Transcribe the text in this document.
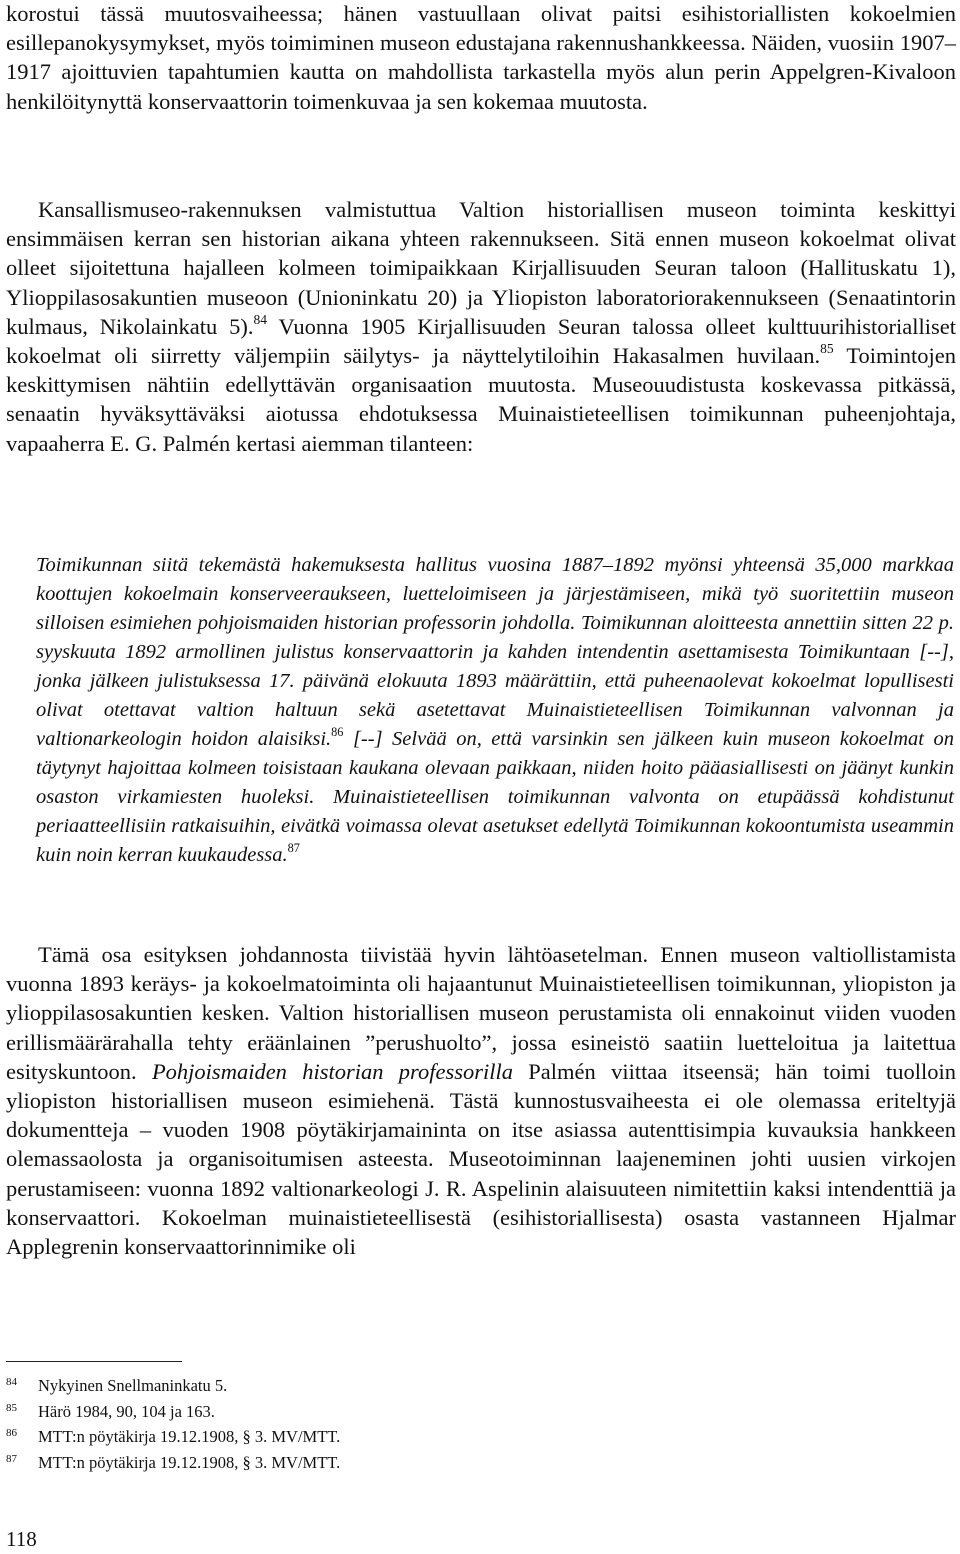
korostui tässä muutosvaiheessa; hänen vastuullaan olivat paitsi esihistoriallisten kokoelmien esillepanokysymykset, myös toimiminen museon edustajana rakennushankkeessa. Näiden, vuosiin 1907–1917 ajoittuvien tapahtumien kautta on mahdollista tarkastella myös alun perin Appelgren-Kivaloon henkilöitynyttä konservaattorin toimenkuvaa ja sen kokemaa muutosta.

Kansallismuseo-rakennuksen valmistuttua Valtion historiallisen museon toiminta keskittyi ensimmäisen kerran sen historian aikana yhteen rakennukseen. Sitä ennen museon kokoelmat olivat olleet sijoitettuna hajalleen kolmeen toimipaikkaan Kirjallisuuden Seuran taloon (Hallituskatu 1), Ylioppilasosakuntien museoon (Unioninkatu 20) ja Yliopiston laboratoriorakennukseen (Senaatintorin kulmaus, Nikolainkatu 5).$^{84}$ Vuonna 1905 Kirjallisuuden Seuran talossa olleet kulttuurihistorialliset kokoelmat oli siirretty väljempiin säilytys- ja näyttelytiloihin Hakasalmen huvilaan.$^{85}$ Toimintojen keskittymisen nähtiin edellyttävän organisaation muutosta. Museouudistusta koskevassa pitkässä, senaatin hyväksyttäväksi aiotussa ehdotuksessa Muinaistieteellisen toimikunnan puheenjohtaja, vapaaherra E. G. Palmén kertasi aiemman tilanteen:

Toimikunnan siitä tekemästä hakemuksesta hallitus vuosina 1887–1892 myönsi yhteensä 35,000 markkaa koottujen kokoelmain konserveeraukseen, luetteloimiseen ja järjestämiseen, mikä työ suoritettiin museon silloisen esimiehen pohjoismaiden historian professorin johdolla. Toimikunnan aloitteesta annettiin sitten 22 p. syyskuuta 1892 armollinen julistus konservaattorin ja kahden intendentin asettamisesta Toimikuntaan [--], jonka jälkeen julistuksessa 17. päivänä elokuuta 1893 määrättiin, että puheenaolevat kokoelmat lopullisesti olivat otettavat valtion haltuun sekä asetettavat Muinaistieteellisen Toimikunnan valvonnan ja valtionarkeologin hoidon alaisiksi.$^{86}$ [--] Selvää on, että varsinkin sen jälkeen kuin museon kokoelmat on täytynyt hajoittaa kolmeen toisistaan kaukana olevaan paikkaan, niiden hoito pääasiallisesti on jäänyt kunkin osaston virkamiesten huoleksi. Muinaistieteellisen toimikunnan valvonta on etupäässä kohdistunut periaatteellisiin ratkaisuihin, eivätkä voimassa olevat asetukset edellytä Toimikunnan kokoontumista useammin kuin noin kerran kuukaudessa.$^{87}$

Tämä osa esityksen johdannosta tiivistää hyvin lähtöasetelman. Ennen museon valtiollistamista vuonna 1893 keräys- ja kokoelmatoiminta oli hajaantunut Muinaistieteellisen toimikunnan, yliopiston ja ylioppilasosakuntien kesken. Valtion historiallisen museon perustamista oli ennakoinut viiden vuoden erillismäärärahalla tehty eräänlainen ”perushuolto”, jossa esineistö saatiin luetteloitua ja laitettua esityskuntoon. Pohjoismaiden historian professorilla Palmén viittaa itseensä; hän toimi tuolloin yliopiston historiallisen museon esimiehenä. Tästä kunnostusvaiheesta ei ole olemassa eriteltyjä dokumentteja – vuoden 1908 pöytäkirjamaininta on itse asiassa autenttisimpia kuvauksia hankkeen olemassaolosta ja organisoitumisen asteesta. Museotoiminnan laajeneminen johti uusien virkojen perustamiseen: vuonna 1892 valtionarkeologi J. R. Aspelinin alaisuuteen nimitettiin kaksi intendenttiä ja konservaattori. Kokoelman muinaistieteellisestä (esihistoriallisesta) osasta vastanneen Hjalmar Applegrenin konservaattorinnimike oli

84 Nykyinen Snellmaninkatu 5.
85 Härö 1984, 90, 104 ja 163.
86 MTT:n pöytäkirja 19.12.1908, § 3. MV/MTT.
87 MTT:n pöytäkirja 19.12.1908, § 3. MV/MTT.
118
